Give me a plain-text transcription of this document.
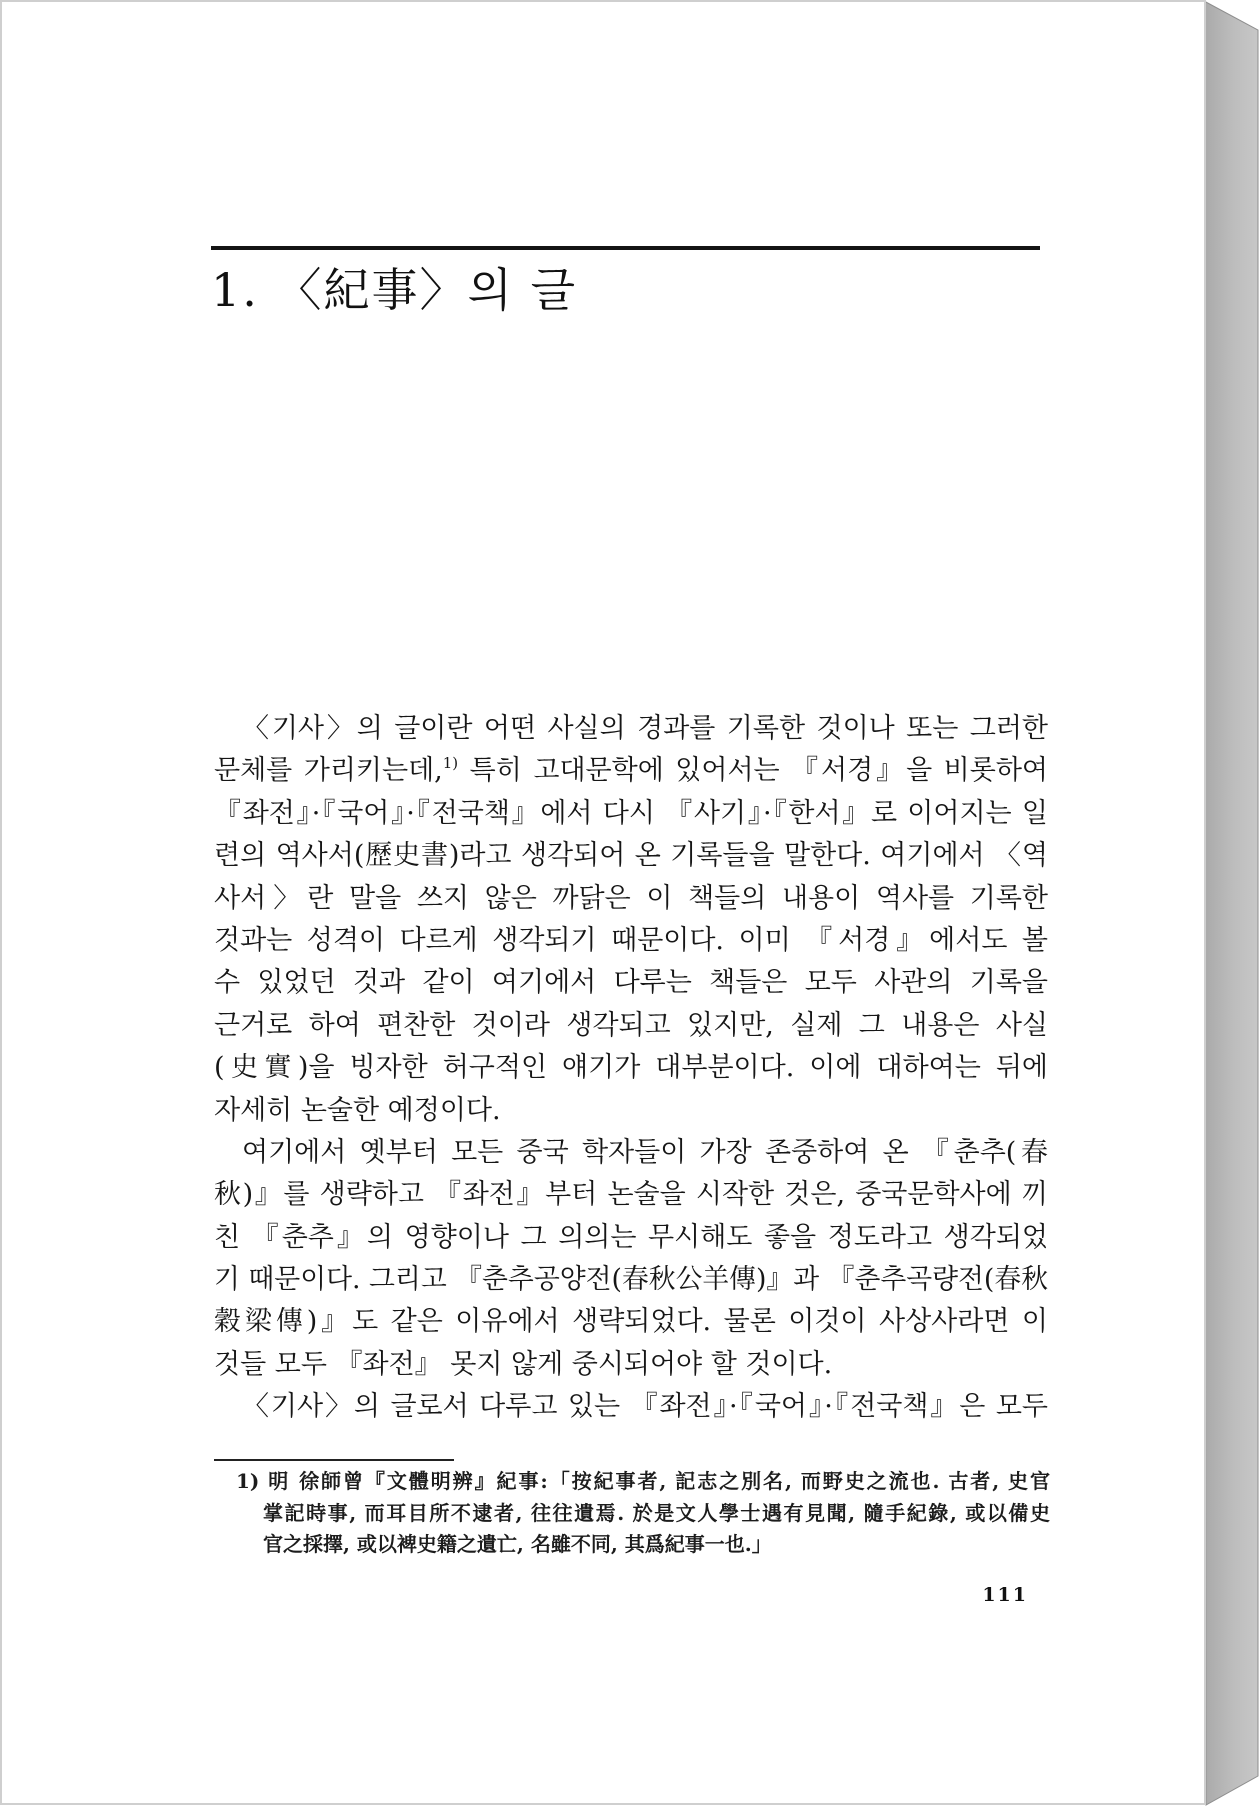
1. 〈紀事〉의 글
〈기사〉의 글이란 어떤 사실의 경과를 기록한 것이나 또는 그러한
문체를 가리키는데,$^{1)}$ 특히 고대문학에 있어서는 『서경』을 비롯하여
『좌전』·『국어』·『전국책』에서 다시 『사기』·『한서』로 이어지는 일
련의 역사서(歷史書)라고 생각되어 온 기록들을 말한다. 여기에서 〈역
사서〉란 말을 쓰지 않은 까닭은 이 책들의 내용이 역사를 기록한
것과는 성격이 다르게 생각되기 때문이다. 이미 『서경』에서도 볼
수 있었던 것과 같이 여기에서 다루는 책들은 모두 사관의 기록을
근거로 하여 편찬한 것이라 생각되고 있지만, 실제 그 내용은 사실
(史實)을 빙자한 허구적인 얘기가 대부분이다. 이에 대하여는 뒤에
자세히 논술한 예정이다.
여기에서 옛부터 모든 중국 학자들이 가장 존중하여 온 『춘추(春
秋)』를 생략하고 『좌전』부터 논술을 시작한 것은, 중국문학사에 끼
친 『춘추』의 영향이나 그 의의는 무시해도 좋을 정도라고 생각되었
기 때문이다. 그리고 『춘추공양전(春秋公羊傳)』과 『춘추곡량전(春秋
穀梁傳)』도 같은 이유에서 생략되었다. 물론 이것이 사상사라면 이
것들 모두 『좌전』 못지 않게 중시되어야 할 것이다.
〈기사〉의 글로서 다루고 있는 『좌전』·『국어』·『전국책』은 모두
1) 明 徐師曾『文體明辨』紀事:「按紀事者, 記志之別名, 而野史之流也. 古者, 史官
掌記時事, 而耳目所不逮者, 往往遺焉. 於是文人學士遇有見聞, 隨手紀錄, 或以備史
官之採擇, 或以裨史籍之遺亡, 名雖不同, 其爲紀事一也.」
111
